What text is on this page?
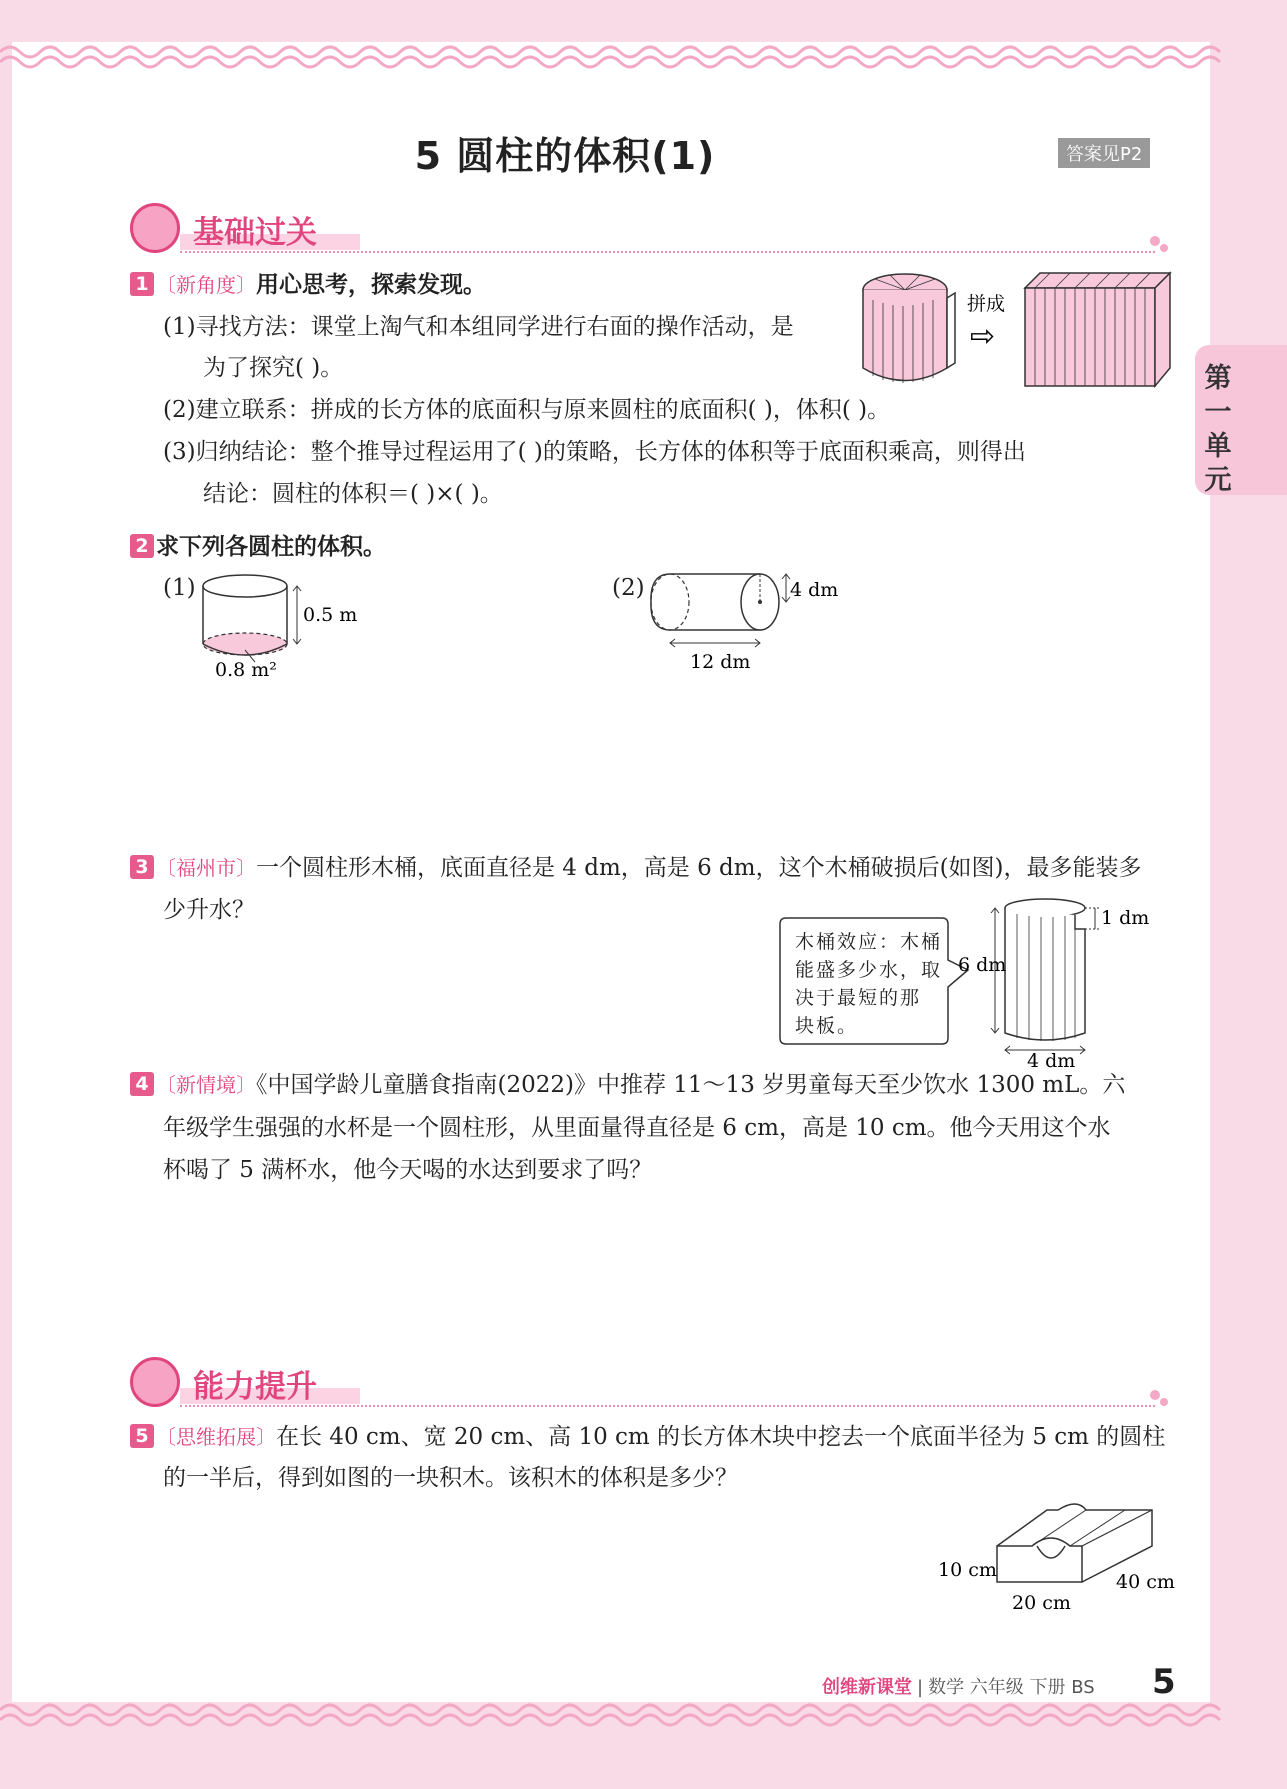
第
一
单
元
5 圆柱的体积(1)	答案见P2
基础过关
1 〔新角度〕用心思考，探索发现。
(1)寻找方法：课堂上淘气和本组同学进行右面的操作活动，是
为了探究( )。
(2)建立联系：拼成的长方体的底面积与原来圆柱的底面积( )，体积( )。
(3)归纳结论：整个推导过程运用了( )的策略，长方体的体积等于底面积乘高，则得出
结论：圆柱的体积＝( )×( )。
拼成
⇨
2 求下列各圆柱的体积。
(1)
0.5 m
0.8 m²
(2)	4 dm
12 dm
3 〔福州市〕一个圆柱形木桶，底面直径是 4 dm，高是 6 dm，这个木桶破损后(如图)，最多能装多
少升水？
木桶效应：木桶
能盛多少水，取
决于最短的那
块板。
6 dm
1 dm
4 dm
4 〔新情境〕《中国学龄儿童膳食指南(2022)》中推荐 11～13 岁男童每天至少饮水 1300 mL。六
年级学生强强的水杯是一个圆柱形，从里面量得直径是 6 cm，高是 10 cm。他今天用这个水
杯喝了 5 满杯水，他今天喝的水达到要求了吗？
能力提升
5 〔思维拓展〕在长 40 cm、宽 20 cm、高 10 cm 的长方体木块中挖去一个底面半径为 5 cm 的圆柱
的一半后，得到如图的一块积木。该积木的体积是多少？
10 cm
20 cm
40 cm
创维新课堂 | 数学 六年级 下册 BS 5
